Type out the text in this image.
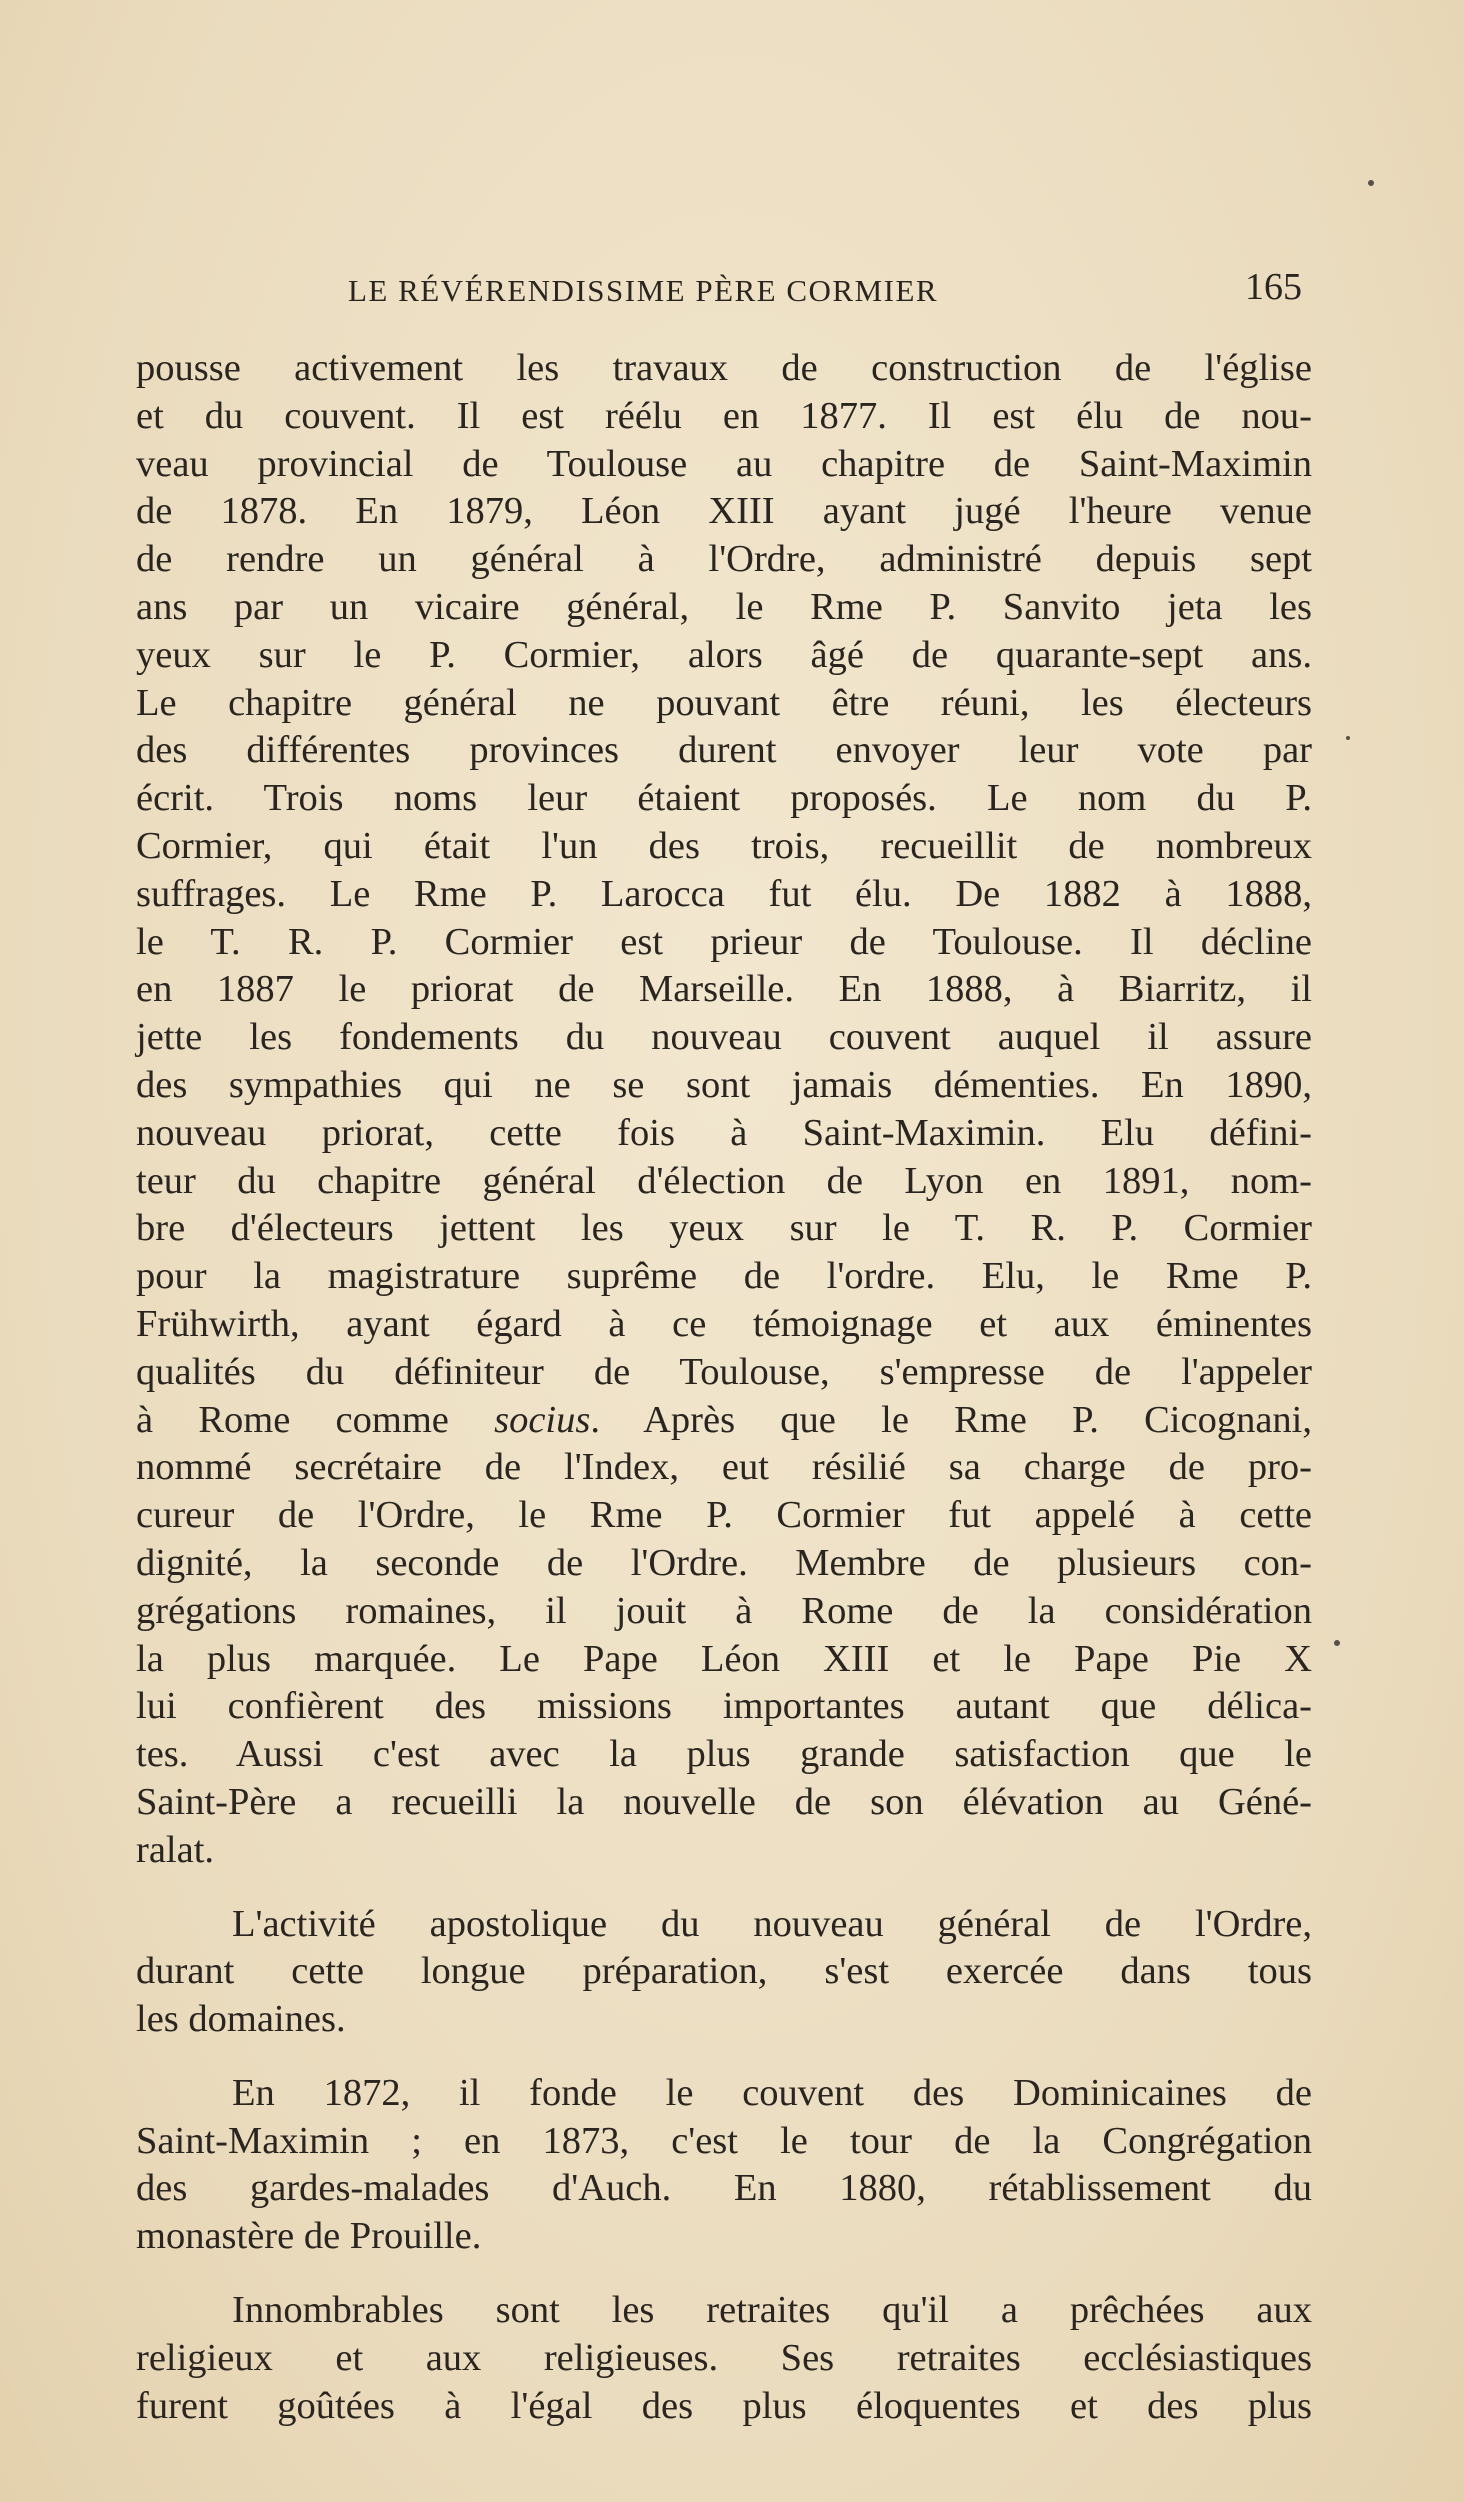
LE RÉVÉRENDISSIME PÈRE CORMIER	165
pousse activement les travaux de construction de l'église
et du couvent. Il est réélu en 1877. Il est élu de nou-
veau provincial de Toulouse au chapitre de Saint-Maximin
de 1878. En 1879, Léon XIII ayant jugé l'heure venue
de rendre un général à l'Ordre, administré depuis sept
ans par un vicaire général, le Rme P. Sanvito jeta les
yeux sur le P. Cormier, alors âgé de quarante-sept ans.
Le chapitre général ne pouvant être réuni, les électeurs
des différentes provinces durent envoyer leur vote par
écrit. Trois noms leur étaient proposés. Le nom du P.
Cormier, qui était l'un des trois, recueillit de nombreux
suffrages. Le Rme P. Larocca fut élu. De 1882 à 1888,
le T. R. P. Cormier est prieur de Toulouse. Il décline
en 1887 le priorat de Marseille. En 1888, à Biarritz, il
jette les fondements du nouveau couvent auquel il assure
des sympathies qui ne se sont jamais démenties. En 1890,
nouveau priorat, cette fois à Saint-Maximin. Elu défini-
teur du chapitre général d'élection de Lyon en 1891, nom-
bre d'électeurs jettent les yeux sur le T. R. P. Cormier
pour la magistrature suprême de l'ordre. Elu, le Rme P.
Frühwirth, ayant égard à ce témoignage et aux éminentes
qualités du définiteur de Toulouse, s'empresse de l'appeler
à Rome comme socius. Après que le Rme P. Cicognani,
nommé secrétaire de l'Index, eut résilié sa charge de pro-
cureur de l'Ordre, le Rme P. Cormier fut appelé à cette
dignité, la seconde de l'Ordre. Membre de plusieurs con-
grégations romaines, il jouit à Rome de la considération
la plus marquée. Le Pape Léon XIII et le Pape Pie X
lui confièrent des missions importantes autant que délica-
tes. Aussi c'est avec la plus grande satisfaction que le
Saint-Père a recueilli la nouvelle de son élévation au Géné-
ralat.
L'activité apostolique du nouveau général de l'Ordre,
durant cette longue préparation, s'est exercée dans tous
les domaines.
En 1872, il fonde le couvent des Dominicaines de
Saint-Maximin ; en 1873, c'est le tour de la Congrégation
des gardes-malades d'Auch. En 1880, rétablissement du
monastère de Prouille.
Innombrables sont les retraites qu'il a prêchées aux
religieux et aux religieuses. Ses retraites ecclésiastiques
furent goûtées à l'égal des plus éloquentes et des plus
